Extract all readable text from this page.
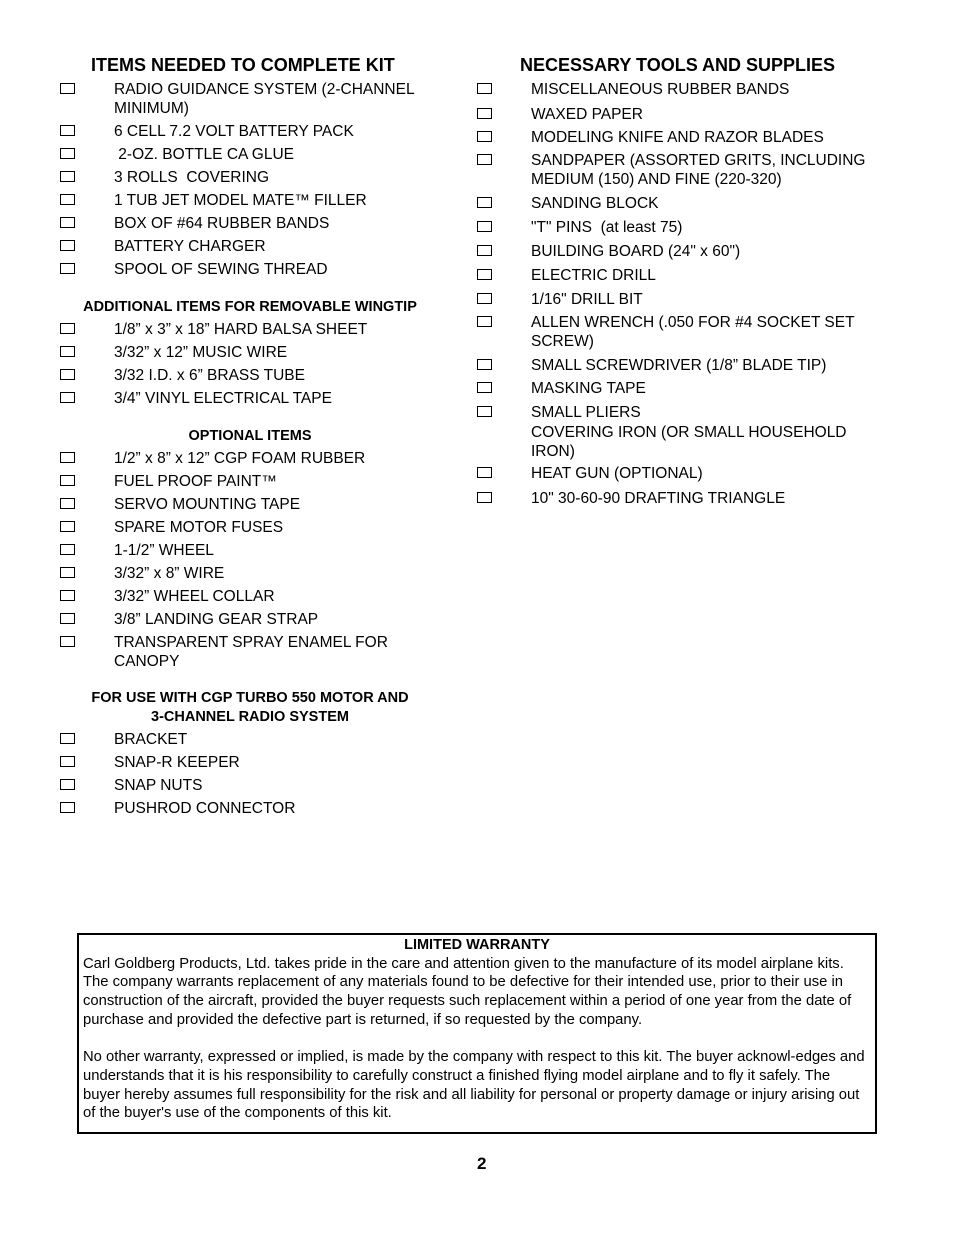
ITEMS NEEDED TO COMPLETE KIT
RADIO GUIDANCE SYSTEM (2-CHANNEL
MINIMUM)
6 CELL 7.2 VOLT BATTERY PACK
2-OZ. BOTTLE CA GLUE
3 ROLLS  COVERING
1 TUB JET MODEL MATE™ FILLER
BOX OF #64 RUBBER BANDS
BATTERY CHARGER
SPOOL OF SEWING THREAD
ADDITIONAL ITEMS FOR REMOVABLE WINGTIP
1/8” x 3” x 18” HARD BALSA SHEET
3/32” x 12” MUSIC WIRE
3/32 I.D. x 6” BRASS TUBE
3/4” VINYL ELECTRICAL TAPE
OPTIONAL ITEMS
1/2” x 8” x 12” CGP FOAM RUBBER
FUEL PROOF PAINT™
SERVO MOUNTING TAPE
SPARE MOTOR FUSES
1-1/2” WHEEL
3/32” x 8” WIRE
3/32” WHEEL COLLAR
3/8” LANDING GEAR STRAP
TRANSPARENT SPRAY ENAMEL FOR
CANOPY
FOR USE WITH CGP TURBO 550 MOTOR AND
3-CHANNEL RADIO SYSTEM
BRACKET
SNAP-R KEEPER
SNAP NUTS
PUSHROD CONNECTOR
NECESSARY TOOLS AND SUPPLIES
MISCELLANEOUS RUBBER BANDS
WAXED PAPER
MODELING KNIFE AND RAZOR BLADES
SANDPAPER (ASSORTED GRITS, INCLUDING
MEDIUM (150) AND FINE (220-320)
SANDING BLOCK
"T" PINS  (at least 75)
BUILDING BOARD (24" x 60")
ELECTRIC DRILL
1/16" DRILL BIT
ALLEN WRENCH (.050 FOR #4 SOCKET SET
SCREW)
SMALL SCREWDRIVER (1/8” BLADE TIP)
MASKING TAPE
SMALL PLIERS
COVERING IRON (OR SMALL HOUSEHOLD
IRON)
HEAT GUN (OPTIONAL)
10" 30-60-90 DRAFTING TRIANGLE
LIMITED WARRANTY

Carl Goldberg Products, Ltd. takes pride in the care and attention given to the manufacture of its model airplane kits. The company warrants replacement of any materials found to be defective for their intended use, prior to their use in construction of the aircraft, provided the buyer requests such replacement within a period of one year from the date of purchase and provided the defective part is returned, if so requested by the company.

No other warranty, expressed or implied, is made by the company with respect to this kit. The buyer acknowl-edges and understands that it is his responsibility to carefully construct a finished flying model airplane and to fly it safely. The buyer hereby assumes full responsibility for the risk and all liability for personal or property damage or injury arising out of the buyer's use of the components of this kit.

2
